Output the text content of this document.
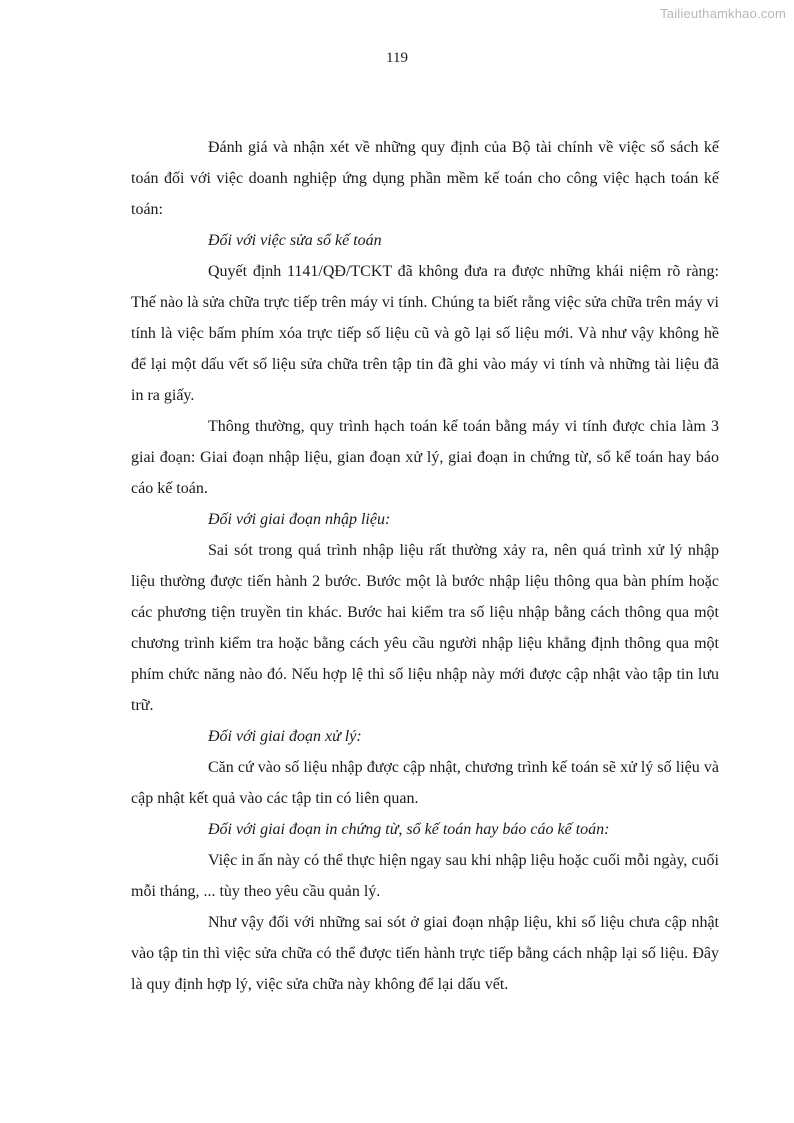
Tailieuthamkhao.com
119

Đánh giá và nhận xét về những quy định của Bộ tài chính về việc sổ sách kế toán đối với việc doanh nghiệp ứng dụng phần mềm kế toán cho công việc hạch toán kế toán:

Đối với việc sửa sổ kế toán

Quyết định 1141/QĐ/TCKT đã không đưa ra được những khái niệm rõ ràng: Thế nào là sửa chữa trực tiếp trên máy vi tính. Chúng ta biết rằng việc sửa chữa trên máy vi tính là việc bấm phím xóa trực tiếp số liệu cũ và gõ lại số liệu mới. Và như vậy không hề để lại một dấu vết số liệu sửa chữa trên tập tin đã ghi vào máy vi tính và những tài liệu đã in ra giấy.

Thông thường, quy trình hạch toán kế toán bằng máy vi tính được chia làm 3 giai đoạn: Giai đoạn nhập liệu, gian đoạn xử lý, giai đoạn in chứng từ, sổ kế toán hay báo cáo kế toán.

Đối với giai đoạn nhập liệu:

Sai sót trong quá trình nhập liệu rất thường xảy ra, nên quá trình xử lý nhập liệu thường được tiến hành 2 bước. Bước một là bước nhập liệu thông qua bàn phím hoặc các phương tiện truyền tin khác. Bước hai kiểm tra số liệu nhập bằng cách thông qua một chương trình kiểm tra hoặc bằng cách yêu cầu người nhập liệu khẳng định thông qua một phím chức năng nào đó. Nếu hợp lệ thì số liệu nhập này mới được cập nhật vào tập tin lưu trữ.

Đối với giai đoạn xử lý:

Căn cứ vào số liệu nhập được cập nhật, chương trình kế toán sẽ xử lý số liệu và cập nhật kết quả vào các tập tin có liên quan.

Đối với giai đoạn in chứng từ, sổ kế toán hay báo cáo kế toán:

Việc in ấn này có thể thực hiện ngay sau khi nhập liệu hoặc cuối mỗi ngày, cuối mỗi tháng, ... tùy theo yêu cầu quản lý.

Như vậy đối với những sai sót ở giai đoạn nhập liệu, khi số liệu chưa cập nhật vào tập tin thì việc sửa chữa có thể được tiến hành trực tiếp bằng cách nhập lại số liệu. Đây là quy định hợp lý, việc sửa chữa này không để lại dấu vết.
